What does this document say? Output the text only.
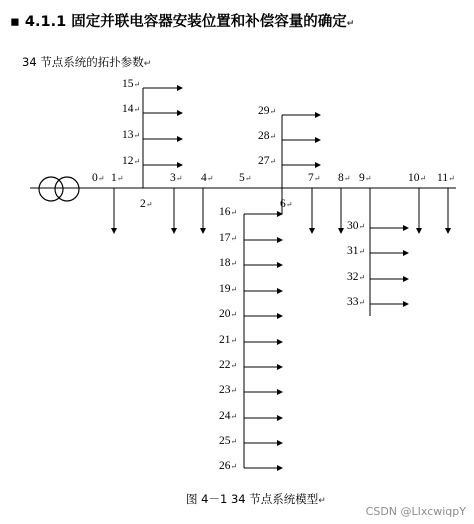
▪ 4.1.1 固定并联电容器安装位置和补偿容量的确定↵
34 节点系统的拓扑参数↵
0↵ 1↵
2↵
3↵ 4↵ 5↵
6↵
7↵ 8↵ 9↵	10↵ 11↵
15↵
14↵
13↵
12↵
29↵
28↵
27↵
16↵
17↵
18↵
19↵
20↵
21↵
22↵
23↵
24↵
25↵
26↵
30↵
31↵
32↵
33↵
图 4－1 34 节点系统模型↵
CSDN @LIxcwiqpY
